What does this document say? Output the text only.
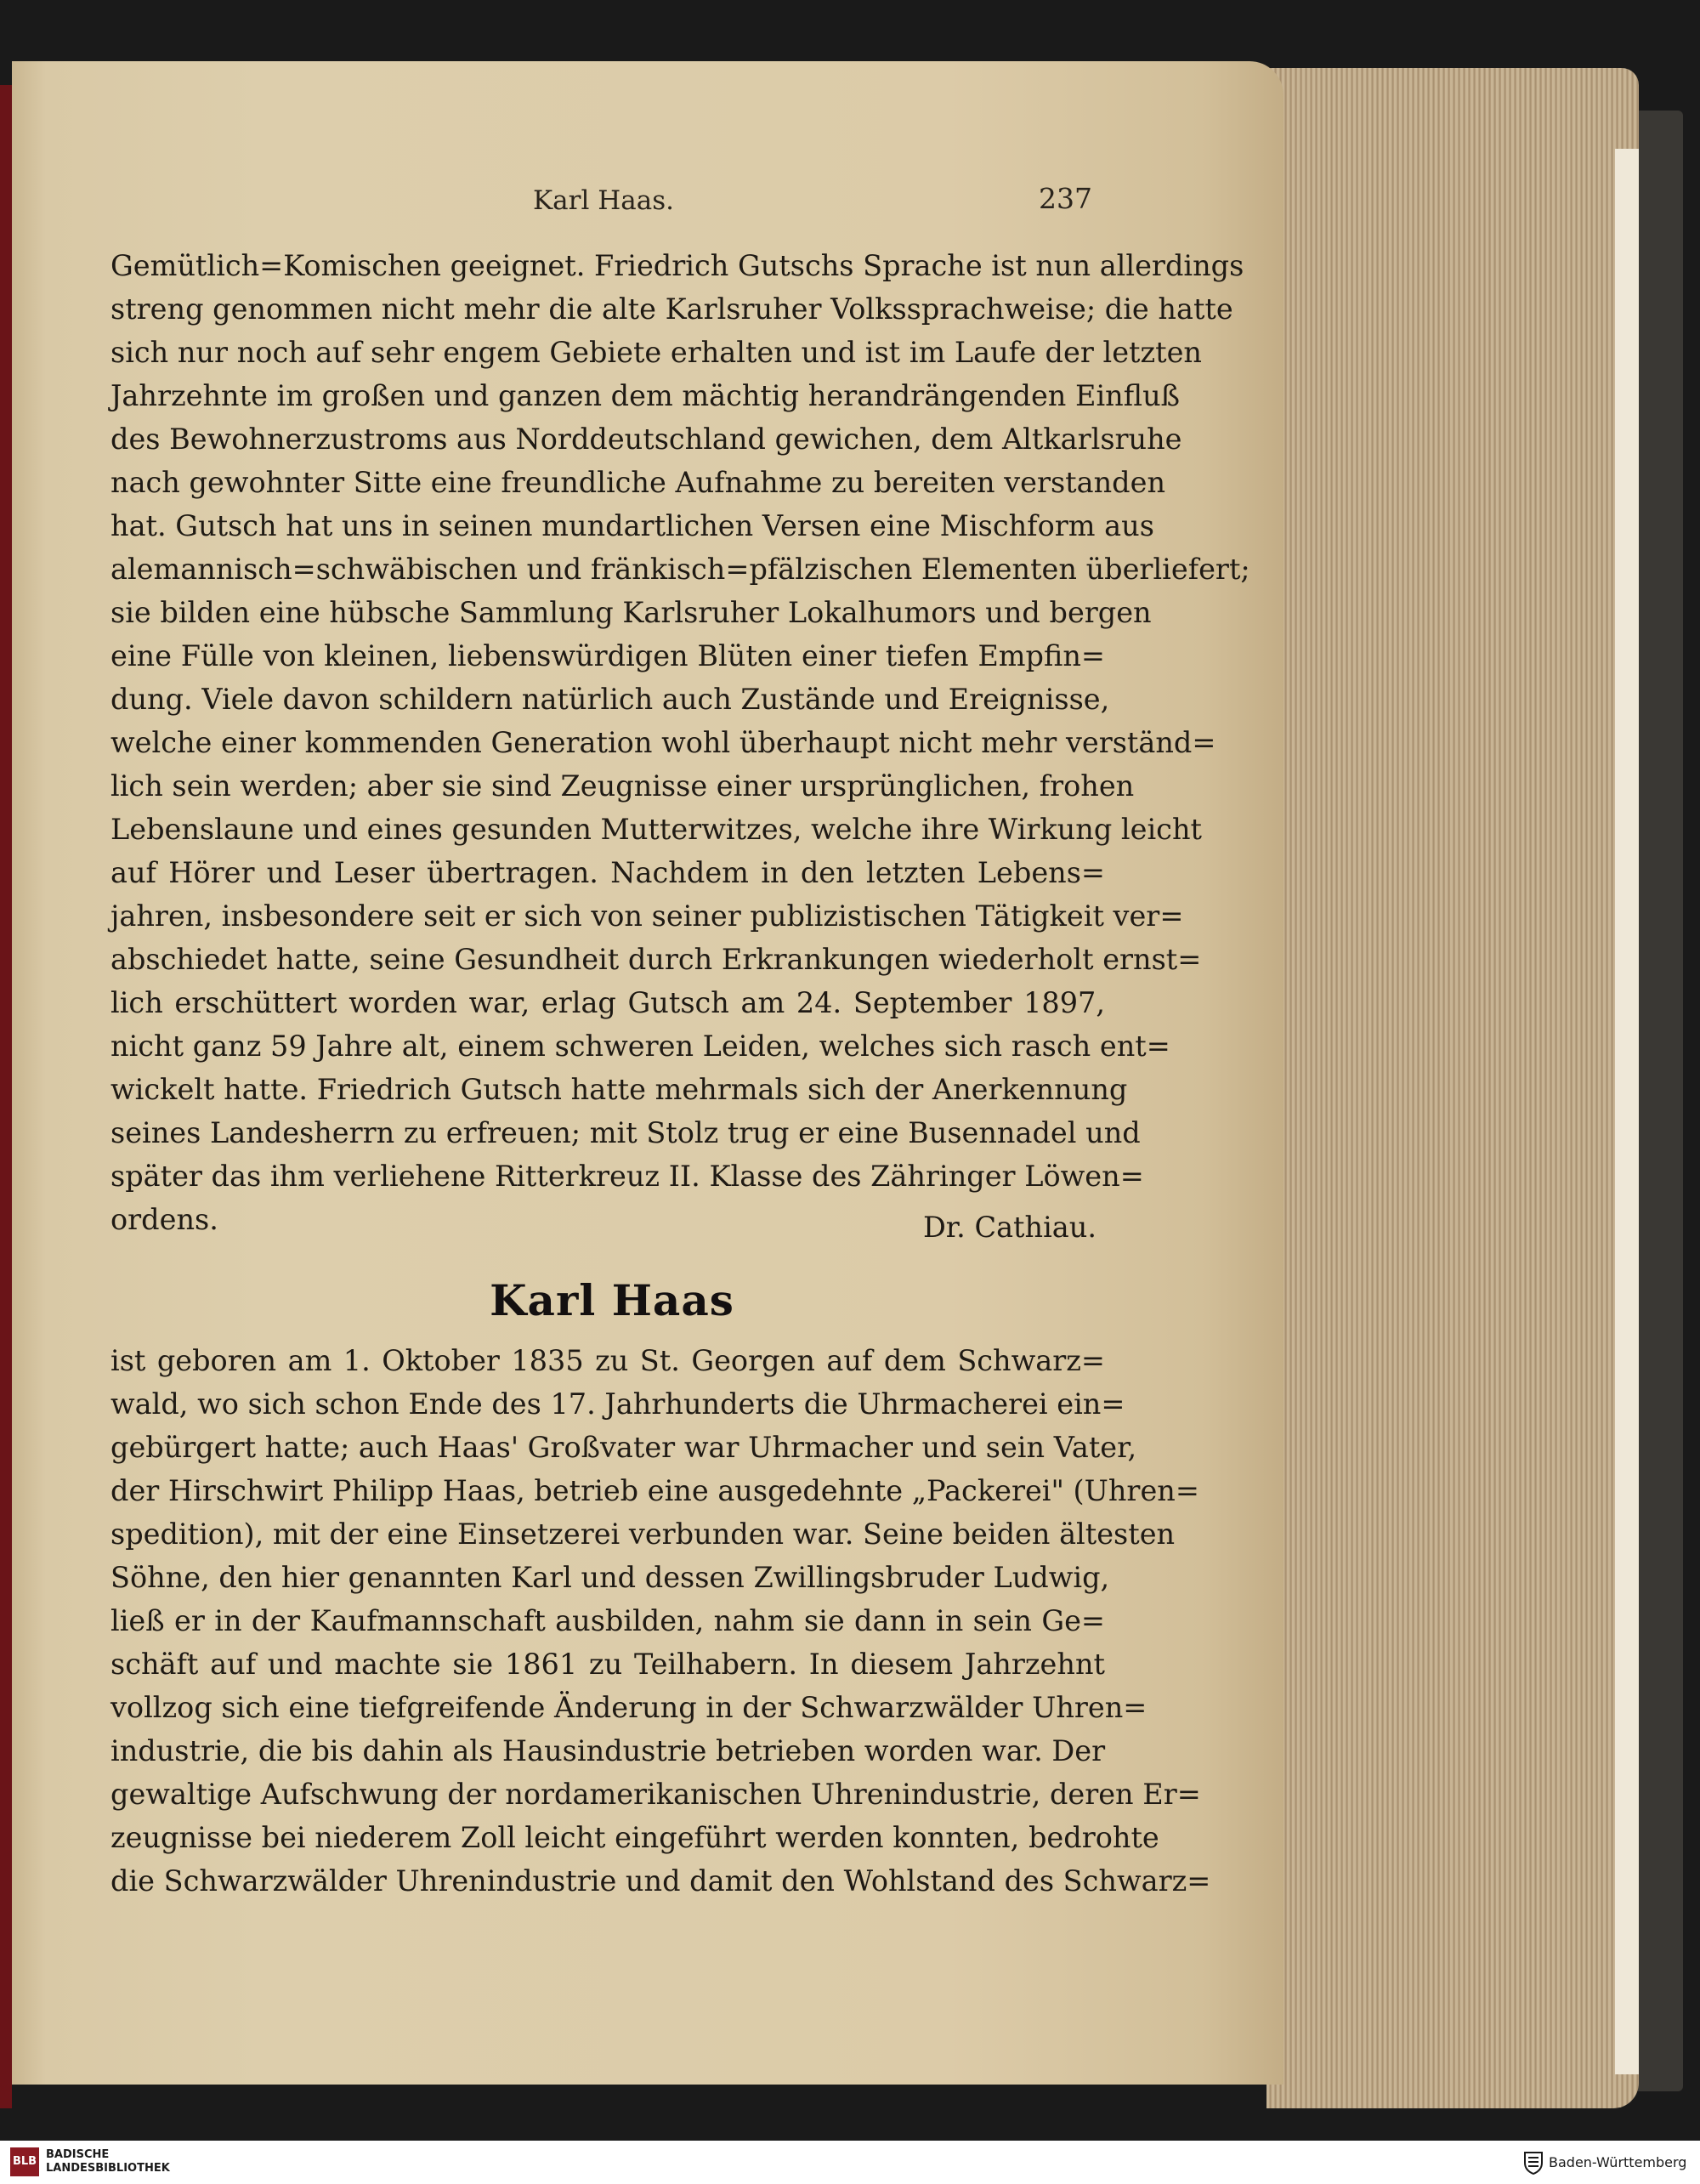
Karl Haas.	237

Gemütlich=Komischen geeignet. Friedrich Gutschs Sprache ist nun allerdings

streng genommen nicht mehr die alte Karlsruher Volkssprachweise; die hatte

sich nur noch auf sehr engem Gebiete erhalten und ist im Laufe der letzten

Jahrzehnte im großen und ganzen dem mächtig herandrängenden Einfluß

des Bewohnerzustroms aus Norddeutschland gewichen, dem Altkarlsruhe

nach gewohnter Sitte eine freundliche Aufnahme zu bereiten verstanden

hat. Gutsch hat uns in seinen mundartlichen Versen eine Mischform aus

alemannisch=schwäbischen und fränkisch=pfälzischen Elementen überliefert;

sie bilden eine hübsche Sammlung Karlsruher Lokalhumors und bergen

eine Fülle von kleinen, liebenswürdigen Blüten einer tiefen Empfin=

dung. Viele davon schildern natürlich auch Zustände und Ereignisse,

welche einer kommenden Generation wohl überhaupt nicht mehr verständ=

lich sein werden; aber sie sind Zeugnisse einer ursprünglichen, frohen

Lebenslaune und eines gesunden Mutterwitzes, welche ihre Wirkung leicht

auf Hörer und Leser übertragen. Nachdem in den letzten Lebens=

jahren, insbesondere seit er sich von seiner publizistischen Tätigkeit ver=

abschiedet hatte, seine Gesundheit durch Erkrankungen wiederholt ernst=

lich erschüttert worden war, erlag Gutsch am 24. September 1897,

nicht ganz 59 Jahre alt, einem schweren Leiden, welches sich rasch ent=

wickelt hatte. Friedrich Gutsch hatte mehrmals sich der Anerkennung

seines Landesherrn zu erfreuen; mit Stolz trug er eine Busennadel und

später das ihm verliehene Ritterkreuz II. Klasse des Zähringer Löwen=

ordens.	Dr. Cathiau.
Karl Haas

ist geboren am 1. Oktober 1835 zu St. Georgen auf dem Schwarz=

wald, wo sich schon Ende des 17. Jahrhunderts die Uhrmacherei ein=

gebürgert hatte; auch Haas' Großvater war Uhrmacher und sein Vater,

der Hirschwirt Philipp Haas, betrieb eine ausgedehnte „Packerei" (Uhren=

spedition), mit der eine Einsetzerei verbunden war. Seine beiden ältesten

Söhne, den hier genannten Karl und dessen Zwillingsbruder Ludwig,

ließ er in der Kaufmannschaft ausbilden, nahm sie dann in sein Ge=

schäft auf und machte sie 1861 zu Teilhabern. In diesem Jahrzehnt

vollzog sich eine tiefgreifende Änderung in der Schwarzwälder Uhren=

industrie, die bis dahin als Hausindustrie betrieben worden war. Der

gewaltige Aufschwung der nordamerikanischen Uhrenindustrie, deren Er=

zeugnisse bei niederem Zoll leicht eingeführt werden konnten, bedrohte

die Schwarzwälder Uhrenindustrie und damit den Wohlstand des Schwarz=

BLB
BADISCHE
LANDESBIBLIOTHEK	Baden-Württemberg
